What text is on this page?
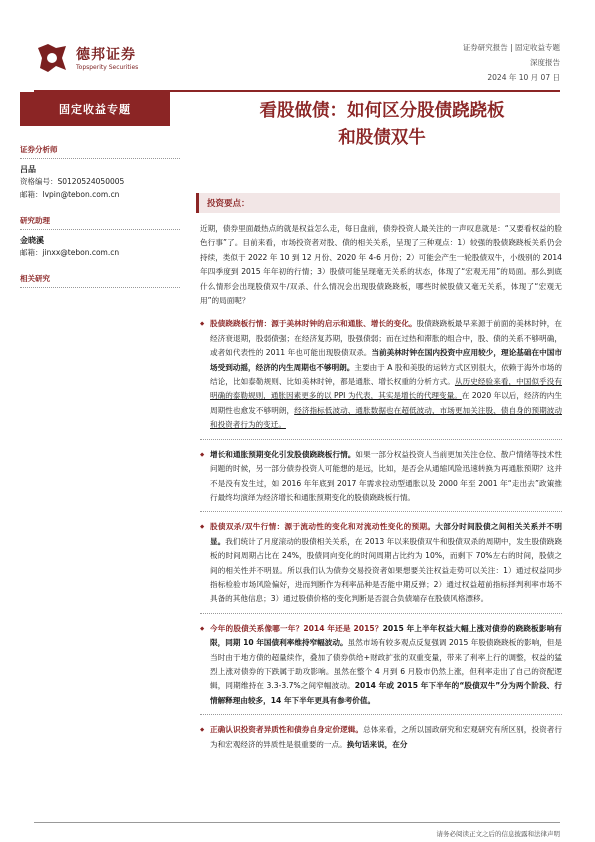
德邦证券
Topsperity Securities
证券研究报告 | 固定收益专题
深度报告
2024 年 10 月 07 日
固定收益专题
证券分析师
吕品
资格编号：S0120524050005
邮箱：lvpin@tebon.com.cn
研究助理
金晓溪
邮箱：jinxx@tebon.com.cn
相关研究
看股做债：如何区分股债跷跷板
和股债双牛
投资要点：

近期，债券里面最热点的就是权益怎么走，每日盘前，债券投资人最关注的一声叹息就是：“又要看权益的脸色行事”了。目前来看，市场投资者对股、债的相关关系，呈现了三种观点：1）较强的股债跷跷板关系仍会持续，类似于 2022 年 10 到 12 月份、2020 年 4-6 月份；2）可能会产生一轮股债双牛，小级别的 2014 年四季度到 2015 年年初的行情；3）股债可能呈现毫无关系的状态，体现了“宏观无用”的局面。那么到底什么情形会出现股债双牛/双杀、什么情况会出现股债跷跷板，哪些时候股债又毫无关系，体现了“宏观无用”的局面呢？

◆ 股债跷跷板行情：源于美林时钟的启示和通胀、增长的变化。股债跷跷板最早来源于前面的美林时钟，在经济衰退期，股弱债强；在经济复苏期，股强债弱；而在过热和滞胀的组合中，股、债的关系不够明确，或者如代表性的 2011 年也可能出现股债双杀。当前美林时钟在国内投资中应用较少，理论基础在中国市场受到动摇，经济的内生周期也不够明朗。主要由于 A 股和美股的运转方式区别很大，依赖于海外市场的结论，比如泰勒规则、比如美林时钟，都是通胀、增长权重的分析方式。从历史经验来看，中国似乎没有明确的泰勒规则，通胀因素更多的以 PPI 为代表，其实是增长的代理变量。在 2020 年以后，经济的内生周期性也愈发不够明朗，经济指标低波动、通胀数据也在超低波动，市场更加关注股、债自身的预期波动和投资者行为的变迁。

◆ 增长和通胀预期变化引发股债跷跷板行情。如果一部分权益投资人当前更加关注仓位、散户情绪等技术性问题的时候，另一部分债券投资人可能想的是远，比如，是否会从通缩风险迅速转换为再通胀预期？这并不是没有发生过，如 2016 年年底到 2017 年需求拉动型通胀以及 2000 年至 2001 年“走出去”政策推行最终均演绎为经济增长和通胀预期变化的股债跷跷板行情。

◆ 股债双杀/双牛行情：源于流动性的变化和对流动性变化的预期。大部分时间股债之间相关关系并不明显。我们统计了月度滚动的股债相关关系，在 2013 年以来股债双牛和股债双杀的周期中，发生股债跷跷板的时间周期占比在 24%，股债同向变化的时间周期占比约为 10%，而剩下 70%左右的时间，股债之间的相关性并不明显。所以我们认为债券交易投资者如果想要关注权益走势可以关注：1）通过权益同步指标检验市场风险偏好，进而判断作为利率品种是否能中期反弹；2）通过权益超前指标择判利率市场不具备的其他信息；3）通过股债价格的变化判断是否混合负债端存在股债风格漂移。

◆ 今年的股债关系像哪一年？2014 年还是 2015？2015 年上半年权益大幅上涨对债券的跷跷板影响有限，同期 10 年国债利率维持窄幅波动。虽然市场有较多观点反复强调 2015 年股债跷跷板的影响，但是当时由于地方债的超量续作，叠加了债券供给+财政扩张的双重变量，带来了利率上行的调整，权益的猛烈上涨对债券的下跌属于助攻影响。虽然在整个 4 月到 6 月股市仍然上涨，但利率走出了自己的资配逻辑，同期维持在 3.3-3.7%之间窄幅波动。2014 年或 2015 年下半年的“股债双牛”分为两个阶段、行情解释理由较多，14 年下半年更具有参考价值。

◆ 正确认识投资者异质性和债券自身定价逻辑。总体来看，之所以国政研究和宏观研究有所区别，投资者行为和宏观经济的异质性是很重要的一点。换句话来说，在分

请务必阅读正文之后的信息披露和法律声明
